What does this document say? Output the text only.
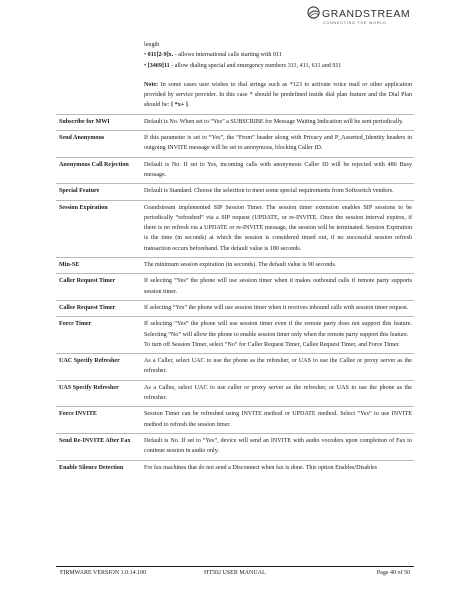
GRANDSTREAM
CONNECTING THE WORLD

	length

• 011[2-9]x. - allows international calls starting with 011

• [3469]11 - allow dialing special and emergency numbers 311, 411, 611 and 911

Note: In some cases user wishes to dial strings such as *123 to activate voice mail or other application provided by service provider. In this case * should be predefined inside dial plan feature and the Dial Plan should be: { *x+ }.

Subscribe for MWI	Default is No. When set to “Yes” a SUBSCRIBE for Message Waiting Indication will be sent periodically.
Send Anonymous	If this parameter is set to “Yes”, the “From” header along with Privacy and P_Asserted_Identity headers in outgoing INVITE message will be set to anonymous, blocking Caller ID.
Anonymous Call Rejection	Default is No. If set to Yes, incoming calls with anonymous Caller ID will be rejected with 486 Busy message.
Special Feature	Default is Standard. Choose the selection to meet some special requirements from Softswitch vendors.
Session Expiration	Grandstream implemented SIP Session Timer. The session timer extension enables SIP sessions to be periodically “refreshed” via a SIP request (UPDATE, or re-INVITE. Once the session interval expires, if there is no refresh via a UPDATE or re-INVITE message, the session will be terminated. Session Expiration is the time (in seconds) at which the session is considered timed out, if no successful session refresh transaction occurs beforehand. The default value is 180 seconds.
Min-SE	The minimum session expiration (in seconds). The default value is 90 seconds.
Caller Request Timer	If selecting “Yes” the phone will use session timer when it makes outbound calls if remote party supports session timer.
Callee Request Timer	If selecting “Yes” the phone will use session timer when it receives inbound calls with session timer request.
Force Timer	If selecting “Yes” the phone will use session timer even if the remote party does not support this feature. Selecting “No” will allow the phone to enable session timer only when the remote party support this feature.

To turn off Session Timer, select “No” for Caller Request Timer, Callee Request Timer, and Force Timer.

UAC Specify Refresher	As a Caller, select UAC to use the phone as the refresher, or UAS to use the Callee or proxy server as the refresher.
UAS Specify Refresher	As a Callee, select UAC to use caller or proxy server as the refresher, or UAS to use the phone as the refresher.
Force INVITE	Session Timer can be refreshed using INVITE method or UPDATE method. Select “Yes” to use INVITE method to refresh the session timer.
Send Re-INVITE After Fax	Default is No. If set to “Yes”, device will send an INVITE with audio vocoders upon completion of Fax to continue session in audio only.
Enable Silence Detection	For fax machines that do not send a Disconnect when fax is done. This option Enables/Disables
FIRMWARE VERSION 1.0.14.100	HT502 USER MANUAL	Page 40 of 50
